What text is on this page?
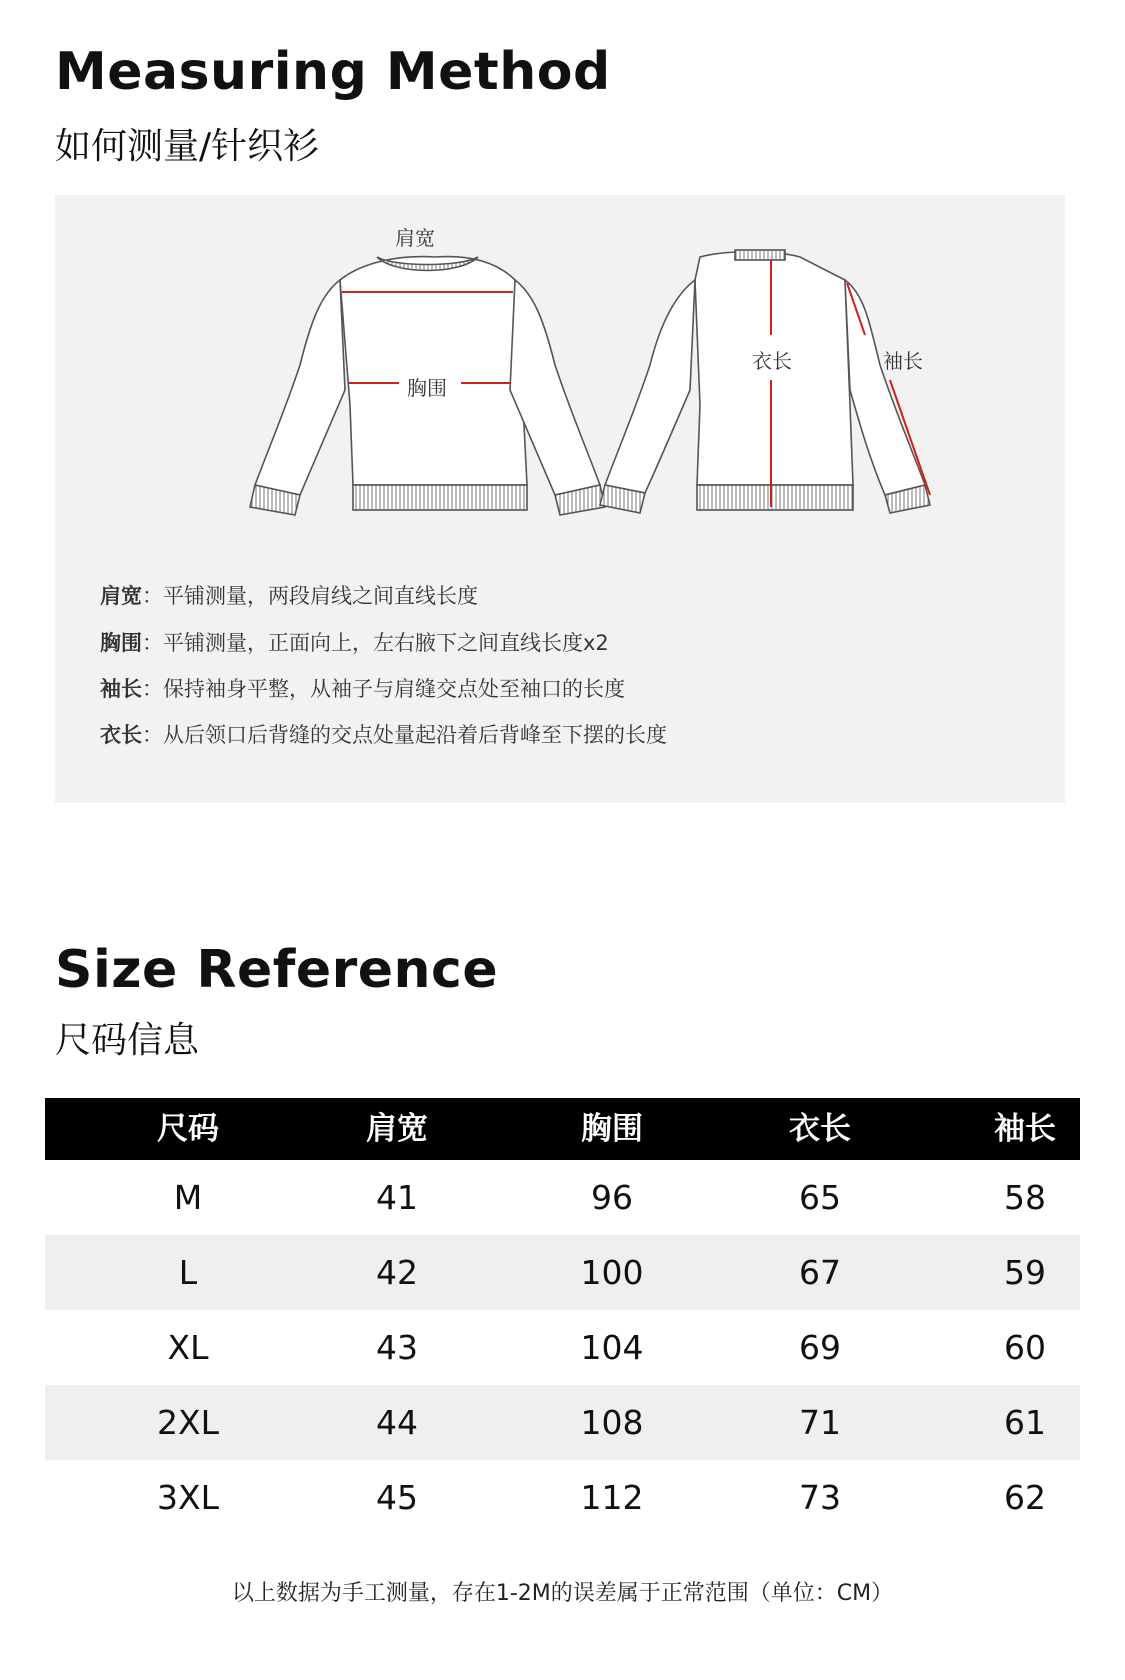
Measuring Method
如何测量/针织衫
肩宽
胸围
衣长	袖长
肩宽：平铺测量，两段肩线之间直线长度
胸围：平铺测量，正面向上，左右腋下之间直线长度x2
袖长：保持袖身平整，从袖子与肩缝交点处至袖口的长度
衣长：从后领口后背缝的交点处量起沿着后背峰至下摆的长度
Size Reference
尺码信息
尺码	肩宽	胸围	衣长	袖长
M	41	96	65	58
L	42	100	67	59
XL	43	104	69	60
2XL	44	108	71	61
3XL	45	112	73	62
以上数据为手工测量，存在1-2M的误差属于正常范围（单位：CM）
